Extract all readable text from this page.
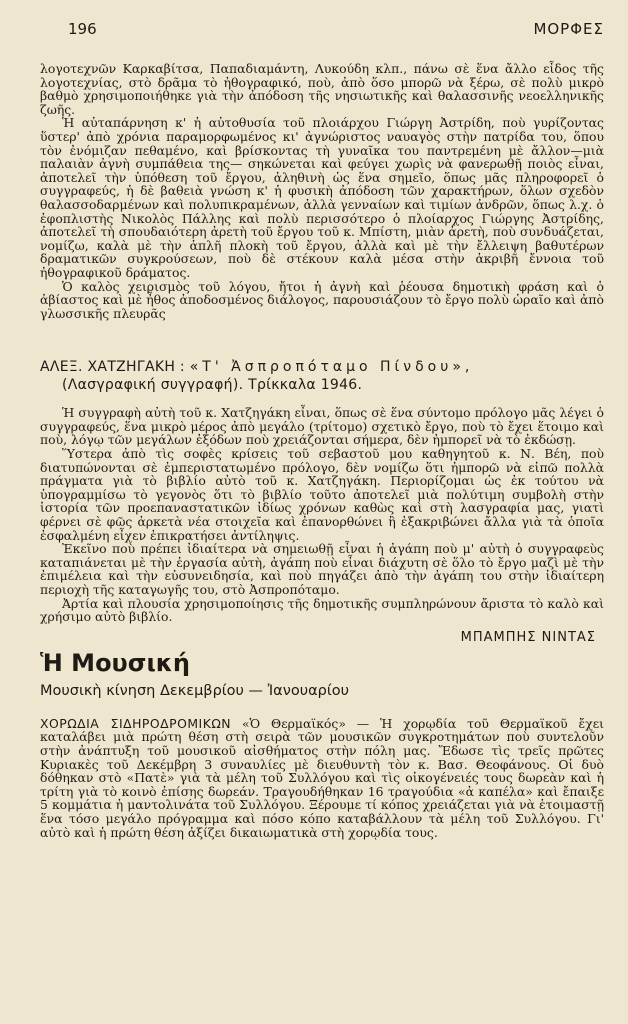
196	ΜΟΡΦΕΣ

λογοτεχνῶν Καρκαβίτσα, Παπαδιαμάντη, Λυκούδη κλπ., πάνω σὲ ἕνα ἄλλο εἶδος τῆς λογοτεχνίας, στὸ δρᾶμα τὸ ἠθογραφικό, ποὺ, ἀπὸ ὅσο μπορῶ νὰ ξέρω, σὲ πολὺ μικρὸ βαθμὸ χρησιμοποιήθηκε γιὰ τὴν ἀπόδοση τῆς νησιωτικῆς καὶ θαλασσινῆς νεοελληνικῆς ζωῆς.

Ἡ αὐταπάρνηση κ' ἡ αὐτοθυσία τοῦ πλοιάρχου Γιώργη Ἀστρίδη, ποὺ γυρίζοντας ὕστερ' ἀπὸ χρόνια παραμορφωμένος κι' ἀγνώριστος ναυαγὸς στὴν πατρίδα του, ὅπου τὸν ἐνόμιζαν πεθαμένο, καὶ βρίσκοντας τὴ γυναῖκα του παντρεμένη μὲ ἄλλον—μιὰ παλαιὰν ἀγνὴ συμπάθεια της— σηκώνεται καὶ φεύγει χωρὶς νὰ φανερωθῇ ποιὸς εἶναι, ἀποτελεῖ τὴν ὑπόθεση τοῦ ἔργου, ἀληθινὴ ὡς ἕνα σημεῖο, ὅπως μᾶς πληροφορεῖ ὁ συγγραφεύς, ἡ δὲ βαθειὰ γνώση κ' ἡ φυσικὴ ἀπόδοση τῶν χαρακτήρων, ὅλων σχεδὸν θαλασσοδαρμένων καὶ πολυπικραμένων, ἀλλὰ γενναίων καὶ τιμίων ἀνδρῶν, ὅπως λ.χ. ὁ ἐφοπλιστὴς Νικολὸς Πάλλης καὶ πολὺ περισσότερο ὁ πλοίαρχος Γιώργης Ἀστρίδης, ἀποτελεῖ τὴ σπουδαιότερη ἀρετὴ τοῦ ἔργου τοῦ κ. Μπίστη, μιὰν ἀρετὴ, ποὺ συνδυάζεται, νομίζω, καλὰ μὲ τὴν ἁπλῆ πλοκὴ τοῦ ἔργου, ἀλλὰ καὶ μὲ τὴν ἔλλειψη βαθυτέρων δραματικῶν συγκρούσεων, ποὺ δὲ στέκουν καλὰ μέσα στὴν ἀκριβῆ ἔννοια τοῦ ἠθογραφικοῦ δράματος.

Ὁ καλὸς χειρισμὸς τοῦ λόγου, ἤτοι ἡ ἀγνὴ καὶ ῥέουσα δημοτικὴ φράση καὶ ὁ ἀβίαστος καὶ μὲ ἦθος ἀποδοσμένος διάλογος, παρουσιάζουν τὸ ἔργο πολὺ ὡραῖο καὶ ἀπὸ γλωσσικῆς πλευρᾶς

ΑΛΕΞ. ΧΑΤΖΗΓΑΚΗ : «Τ' Ἀσπροπόταμο Πίνδου»,
(Λασγραφική συγγραφή). Τρίκκαλα 1946.

Ἡ συγγραφὴ αὐτὴ τοῦ κ. Χατζηγάκη εἶναι, ὅπως σὲ ἕνα σύντομο πρόλογο μᾶς λέγει ὁ συγγραφεύς, ἕνα μικρὸ μέρος ἀπὸ μεγάλο (τρίτομο) σχετικὸ ἔργο, ποὺ τὸ ἔχει ἕτοιμο καὶ ποὺ, λόγῳ τῶν μεγάλων ἐξόδων ποὺ χρειάζονται σήμερα, δὲν ἠμπορεῖ νὰ τὸ ἐκδώσῃ.

Ὕστερα ἀπὸ τὶς σοφὲς κρίσεις τοῦ σεβαστοῦ μου καθηγητοῦ κ. Ν. Βέη, ποὺ διατυπώνονται σὲ ἐμπεριστατωμένο πρόλογο, δὲν νομίζω ὅτι ἠμπορῶ νὰ εἰπῶ πολλὰ πράγματα γιὰ τὸ βιβλίο αὐτὸ τοῦ κ. Χατζηγάκη. Περιορίζομαι ὡς ἐκ τούτου νὰ ὑπογραμμίσω τὸ γεγονὸς ὅτι τὸ βιβλίο τοῦτο ἀποτελεῖ μιὰ πολύτιμη συμβολὴ στὴν ἱστορία τῶν προεπαναστατικῶν ἰδίως χρόνων καθὼς καὶ στὴ λασγραφία μας, γιατὶ φέρνει σὲ φῶς ἀρκετὰ νέα στοιχεῖα καὶ ἐπανορθώνει ἢ ἐξακριβώνει ἄλλα γιὰ τὰ ὁποῖα ἐσφαλμένη εἶχεν ἐπικρατήσει ἀντίληψις.

Ἐκεῖνο ποὺ πρέπει ἰδιαίτερα νὰ σημειωθῇ εἶναι ἡ ἀγάπη ποὺ μ' αὐτὴ ὁ συγγραφεὺς καταπιάνεται μὲ τὴν ἐργασία αὐτὴ, ἀγάπη ποὺ εἶναι διάχυτη σὲ ὅλο τὸ ἔργο μαζὶ μὲ τὴν ἐπιμέλεια καὶ τὴν εὐσυνειδησία, καὶ ποὺ πηγάζει ἀπὸ τὴν ἀγάπη του στὴν ἰδιαίτερη περιοχὴ τῆς καταγωγῆς του, στὸ Ἀσπροπόταμο.

Ἀρτία καὶ πλουσία χρησιμοποίησις τῆς δημοτικῆς συμπληρώνουν ἄριστα τὸ καλὸ καὶ χρήσιμο αὐτὸ βιβλίο.

ΜΠΑΜΠΗΣ ΝΙΝΤΑΣ
Ἡ Μουσική
Μουσικὴ κίνηση Δεκεμβρίου — Ἰανουαρίου

ΧΟΡΩΔΙΑ ΣΙΔΗΡΟΔΡΟΜΙΚΩΝ «Ὁ Θερμαϊκός» — Ἡ χορῳδία τοῦ Θερμαϊκοῦ ἔχει καταλάβει μιὰ πρώτη θέση στὴ σειρὰ τῶν μουσικῶν συγκροτημάτων ποὺ συντελοῦν στὴν ἀνάπτυξη τοῦ μουσικοῦ αἰσθήματος στὴν πόλη μας. Ἔδωσε τὶς τρεῖς πρῶτες Κυριακὲς τοῦ Δεκέμβρη 3 συναυλίες μὲ διευθυντὴ τὸν κ. Βασ. Θεοφάνους. Οἱ δυὸ δόθηκαν στὸ «Πατὲ» γιὰ τὰ μέλη τοῦ Συλλόγου καὶ τὶς οἰκογένειές τους δωρεὰν καὶ ἡ τρίτη γιὰ τὸ κοινὸ ἐπίσης δωρεάν. Τραγουδήθηκαν 16 τραγούδια «ἀ καπέλα» καὶ ἔπαιξε 5 κομμάτια ἡ μαντολινάτα τοῦ Συλλόγου. Ξέρουμε τί κόπος χρειάζεται γιὰ νὰ ἑτοιμαστῇ ἕνα τόσο μεγάλο πρόγραμμα καὶ πόσο κόπο καταβάλλουν τὰ μέλη τοῦ Συλλόγου. Γι' αὐτὸ καὶ ἡ πρώτη θέση ἀξίζει δικαιωματικὰ στὴ χορῳδία τους.
